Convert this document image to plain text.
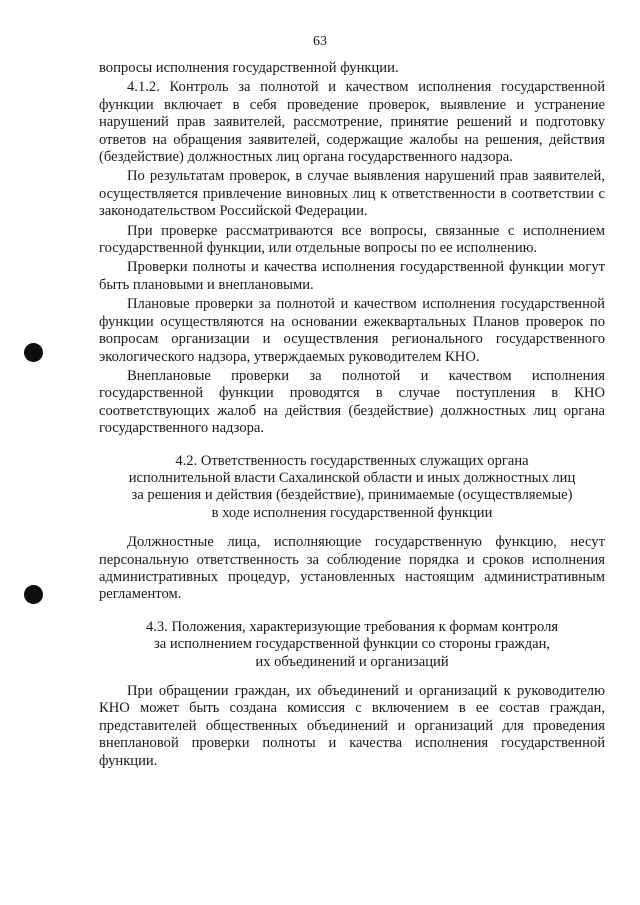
63

вопросы исполнения государственной функции.

4.1.2. Контроль за полнотой и качеством исполнения государственной функции включает в себя проведение проверок, выявление и устранение нарушений прав заявителей, рассмотрение, принятие решений и подготовку ответов на обращения заявителей, содержащие жалобы на решения, действия (бездействие) должностных лиц органа государственного надзора.

По результатам проверок, в случае выявления нарушений прав заявителей, осуществляется привлечение виновных лиц к ответственности в соответствии с законодательством Российской Федерации.

При проверке рассматриваются все вопросы, связанные с исполнением государственной функции, или отдельные вопросы по ее исполнению.

Проверки полноты и качества исполнения государственной функции могут быть плановыми и внеплановыми.

Плановые проверки за полнотой и качеством исполнения государственной функции осуществляются на основании ежеквартальных Планов проверок по вопросам организации и осуществления регионального государственного экологического надзора, утверждаемых руководителем КНО.

Внеплановые проверки за полнотой и качеством исполнения государственной функции проводятся в случае поступления в КНО соответствующих жалоб на действия (бездействие) должностных лиц органа государственного надзора.

4.2. Ответственность государственных служащих органа
исполнительной власти Сахалинской области и иных должностных лиц
за решения и действия (бездействие), принимаемые (осуществляемые)
в ходе исполнения государственной функции

Должностные лица, исполняющие государственную функцию, несут персональную ответственность за соблюдение порядка и сроков исполнения административных процедур, установленных настоящим административным регламентом.

4.3. Положения, характеризующие требования к формам контроля
за исполнением государственной функции со стороны граждан,
их объединений и организаций

При обращении граждан, их объединений и организаций к руководителю КНО может быть создана комиссия с включением в ее состав граждан, представителей общественных объединений и организаций для проведения внеплановой проверки полноты и качества исполнения государственной функции.
